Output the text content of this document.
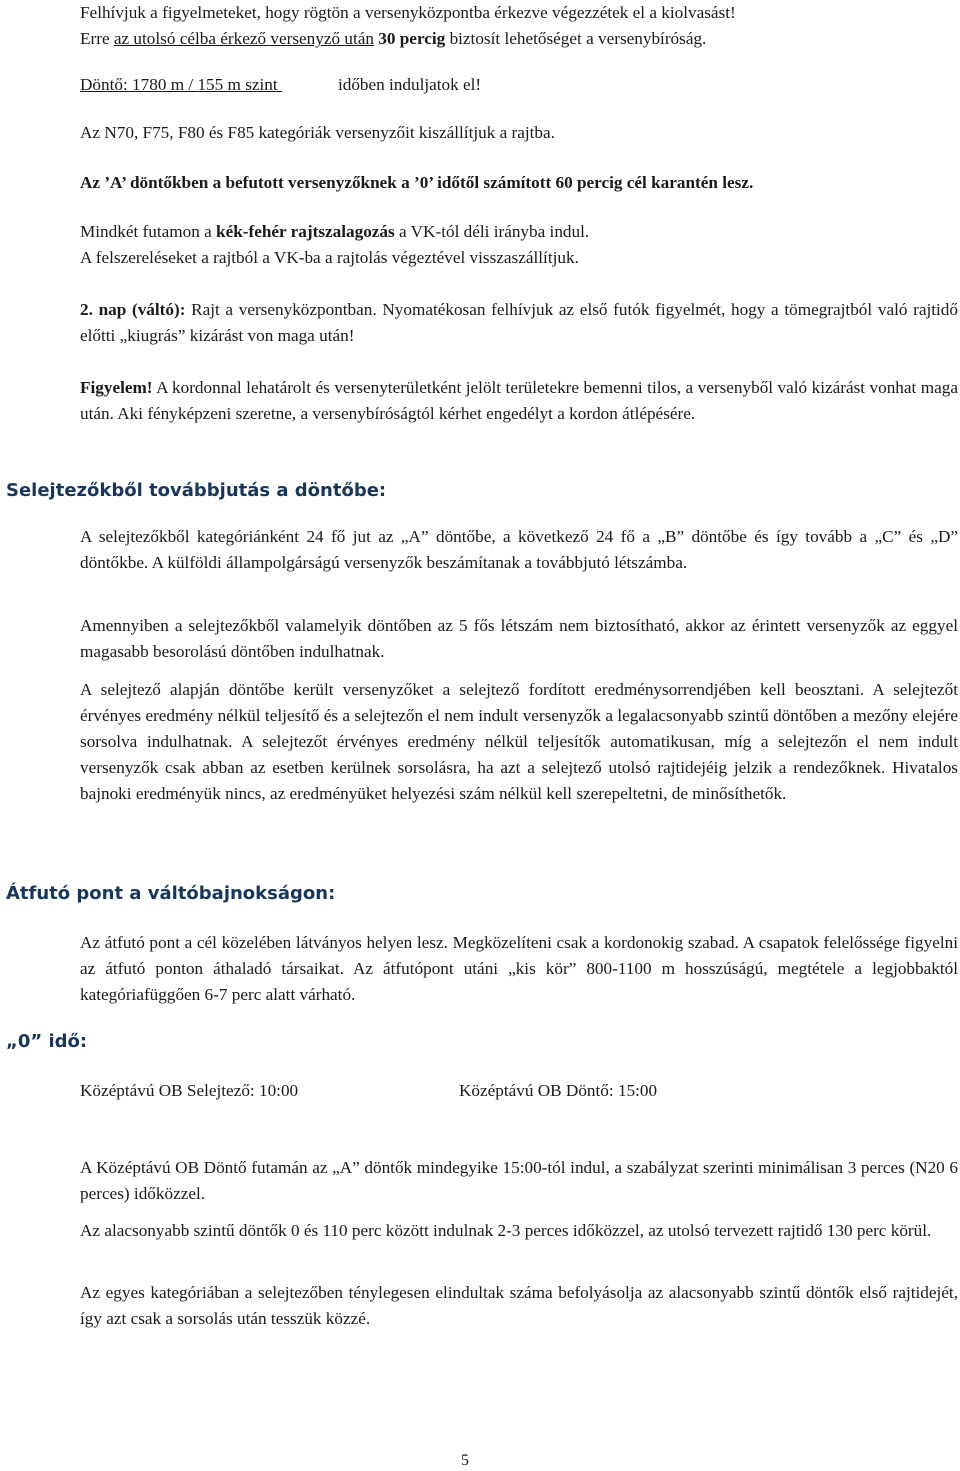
Felhívjuk a figyelmeteket, hogy rögtön a versenyközpontba érkezve végezzétek el a kiolvasást!
Erre az utolsó célba érkező versenyző után 30 percig biztosít lehetőséget a versenybíróság.
Döntő: 1780 m / 155 m szint	időben induljatok el!
Az N70, F75, F80 és F85 kategóriák versenyzőit kiszállítjuk a rajtba.
Az ’A’ döntőkben a befutott versenyzőknek a ’0’ időtől számított 60 percig cél karantén lesz.
Mindkét futamon a kék-fehér rajtszalagozás a VK-tól déli irányba indul.
A felszereléseket a rajtból a VK-ba a rajtolás végeztével visszaszállítjuk.
2. nap (váltó): Rajt a versenyközpontban. Nyomatékosan felhívjuk az első futók figyelmét, hogy a tömegrajtból való rajtidő előtti „kiugrás” kizárást von maga után!
Figyelem! A kordonnal lehatárolt és versenyterületként jelölt területekre bemenni tilos, a versenyből való kizárást vonhat maga után. Aki fényképzeni szeretne, a versenybíróságtól kérhet engedélyt a kordon átlépésére.
Selejtezőkből továbbjutás a döntőbe:
A selejtezőkből kategóriánként 24 fő jut az „A” döntőbe, a következő 24 fő a „B” döntőbe és így tovább a „C” és „D” döntőkbe. A külföldi állampolgárságú versenyzők beszámítanak a továbbjutó létszámba.
Amennyiben a selejtezőkből valamelyik döntőben az 5 fős létszám nem biztosítható, akkor az érintett versenyzők az eggyel magasabb besorolású döntőben indulhatnak.
A selejtező alapján döntőbe került versenyzőket a selejtező fordított eredménysorrendjében kell beosztani. A selejtezőt érvényes eredmény nélkül teljesítő és a selejtezőn el nem indult versenyzők a legalacsonyabb szintű döntőben a mezőny elejére sorsolva indulhatnak. A selejtezőt érvényes eredmény nélkül teljesítők automatikusan, míg a selejtezőn el nem indult versenyzők csak abban az esetben kerülnek sorsolásra, ha azt a selejtező utolsó rajtidejéig jelzik a rendezőknek. Hivatalos bajnoki eredményük nincs, az eredményüket helyezési szám nélkül kell szerepeltetni, de minősíthetők.
Átfutó pont a váltóbajnokságon:
Az átfutó pont a cél közelében látványos helyen lesz. Megközelíteni csak a kordonokig szabad. A csapatok felelőssége figyelni az átfutó ponton áthaladó társaikat. Az átfutópont utáni „kis kör” 800-1100 m hosszúságú, megtétele a legjobbaktól kategóriafüggően 6-7 perc alatt várható.
„0” idő:
Középtávú OB Selejtező: 10:00	Középtávú OB Döntő: 15:00
A Középtávú OB Döntő futamán az „A” döntők mindegyike 15:00-tól indul, a szabályzat szerinti minimálisan 3 perces (N20 6 perces) időközzel.
Az alacsonyabb szintű döntők 0 és 110 perc között indulnak 2-3 perces időközzel, az utolsó tervezett rajtidő 130 perc körül.
Az egyes kategóriában a selejtezőben ténylegesen elindultak száma befolyásolja az alacsonyabb szintű döntők első rajtidejét, így azt csak a sorsolás után tesszük közzé.
5
